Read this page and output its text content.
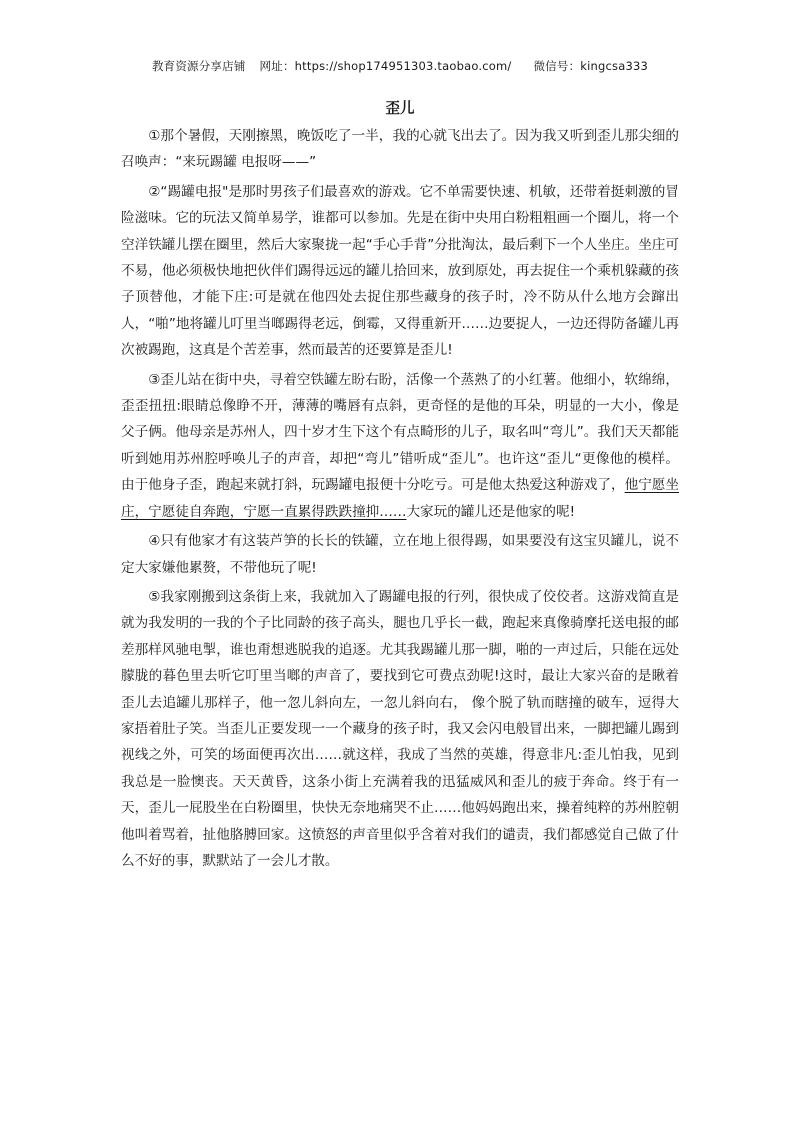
教育资源分享店铺 网址：https://shop174951303.taobao.com/ 微信号：kingcsa333
歪儿

①那个暑假，天刚擦黑，晚饭吃了一半，我的心就飞出去了。因为我又听到歪儿那尖细的召唤声：“来玩踢罐 电报呀——”

②“踢罐电报"是那时男孩子们最喜欢的游戏。它不单需要快速、机敏，还带着挺刺激的冒险滋味。它的玩法又简单易学，谁都可以参加。先是在街中央用白粉粗粗画一个圈儿，将一个空洋铁罐儿摆在圈里，然后大家聚拢一起“手心手背”分批淘汰，最后剩下一个人坐庄。坐庄可不易，他必须极快地把伙伴们踢得远远的罐儿拾回来，放到原处，再去捉住一个乘机躲藏的孩子顶替他，才能下庄:可是就在他四处去捉住那些藏身的孩子时，冷不防从什么地方会蹿出人，“啪”地将罐儿叮里当啷踢得老远，倒霉，又得重新开……边要捉人，一边还得防备罐儿再次被踢跑，这真是个苦差事，然而最苦的还要算是歪儿!

③歪儿站在街中央，寻着空铁罐左盼右盼，活像一个蒸熟了的小红薯。他细小，软绵绵，歪歪扭扭:眼睛总像睁不开，薄薄的嘴唇有点斜，更奇怪的是他的耳朵，明显的一大小，像是父子俩。他母亲是苏州人，四十岁才生下这个有点畸形的儿子，取名叫“弯儿”。我们天天都能听到她用苏州腔呼唤儿子的声音，却把“弯儿”错听成“歪儿”。也许这“歪儿“更像他的模样。由于他身子歪，跑起来就打斜，玩踢罐电报便十分吃亏。可是他太热爱这种游戏了，他宁愿坐庄，宁愿徒自奔跑，宁愿一直累得跌跌撞抑……大家玩的罐儿还是他家的呢!

④只有他家才有这装芦笋的长长的铁罐，立在地上很得踢，如果要没有这宝贝罐儿，说不定大家嫌他累赘，不带他玩了呢!

⑤我家刚搬到这条街上来，我就加入了踢罐电报的行列，很快成了佼佼者。这游戏简直是就为我发明的一我的个子比同龄的孩子高头，腿也几乎长一截，跑起来真像骑摩托送电报的邮差那样风驰电掣，谁也甭想逃脱我的追逐。尤其我踢罐儿那一脚，啪的一声过后，只能在远处朦胧的暮色里去听它叮里当啷的声音了，要找到它可费点劲呢!这时，最让大家兴奋的是瞅着歪儿去追罐儿那样子，他一忽儿斜向左，一忽儿斜向右， 像个脱了轨而瞎撞的破车，逗得大家捂着肚子笑。当歪儿正要发现一一个藏身的孩子时，我又会闪电般冒出来，一脚把罐儿踢到视线之外，可笑的场面便再次出……就这样，我成了当然的英雄，得意非凡:歪儿怕我，见到我总是一脸懊丧。天天黄昏，这条小街上充满着我的迅猛威风和歪儿的疲于奔命。终于有一天，歪儿一屁股坐在白粉圈里，快快无奈地痛哭不止……他妈妈跑出来，操着纯粹的苏州腔朝他叫着骂着，扯他胳膊回家。这愤怒的声音里似乎含着对我们的谴责，我们都感觉自己做了什么不好的事，默默站了一会儿才散。
